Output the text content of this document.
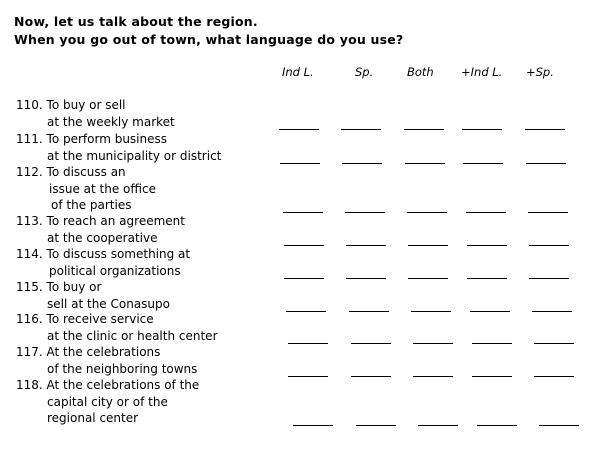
Now, let us talk about the region.
When you go out of town, what language do you use?
Ind L.	Sp.	Both +Ind L. +Sp.
110. To buy or sell
at the weekly market
111. To perform business
at the municipality or district
112. To discuss an
issue at the office
of the parties
113. To reach an agreement
at the cooperative
114. To discuss something at
political organizations
115. To buy or
sell at the Conasupo
116. To receive service
at the clinic or health center
117. At the celebrations
of the neighboring towns
118. At the celebrations of the
capital city or of the
regional center
